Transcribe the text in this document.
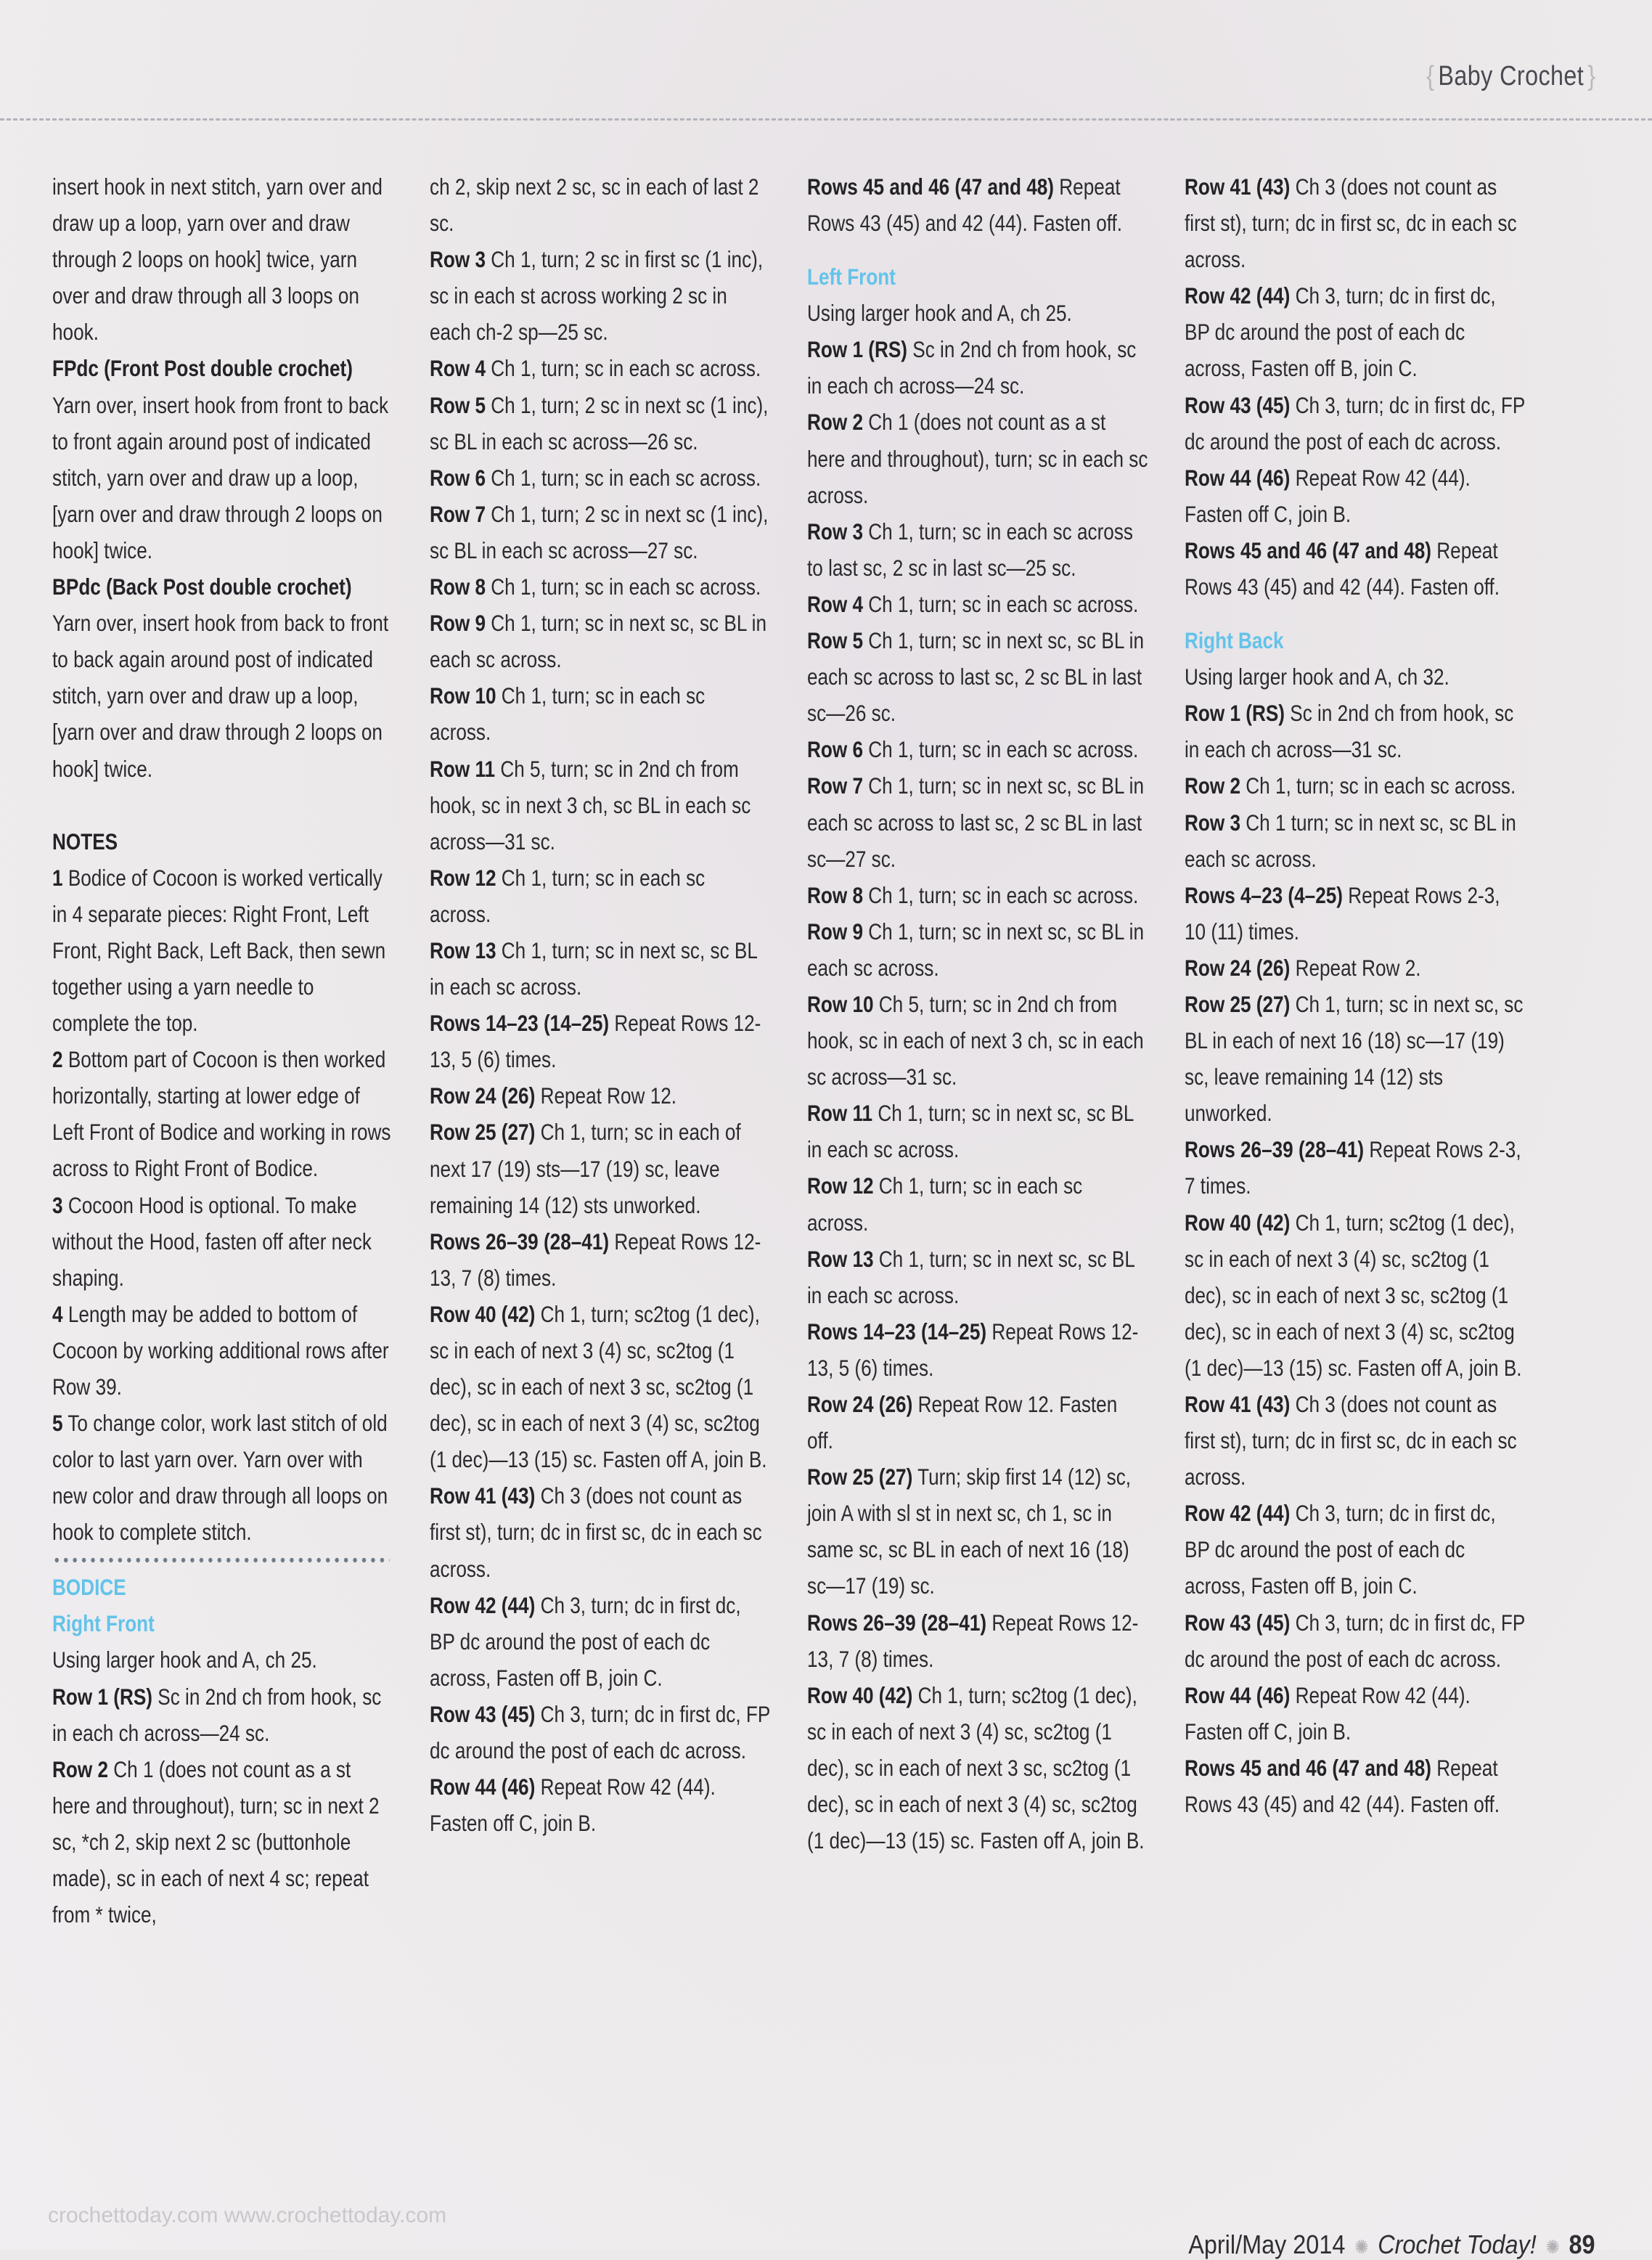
{ Baby Crochet }

insert hook in next stitch, yarn over and draw up a loop, yarn over and draw through 2 loops on hook] twice, yarn over and draw through all 3 loops on hook.

FPdc (Front Post double crochet) Yarn over, insert hook from front to back to front again around post of indicated stitch, yarn over and draw up a loop, [yarn over and draw through 2 loops on hook] twice.

BPdc (Back Post double crochet) Yarn over, insert hook from back to front to back again around post of indicated stitch, yarn over and draw up a loop, [yarn over and draw through 2 loops on hook] twice.

NOTES

1 Bodice of Cocoon is worked vertically in 4 separate pieces: Right Front, Left Front, Right Back, Left Back, then sewn together using a yarn needle to complete the top.

2 Bottom part of Cocoon is then worked horizontally, starting at lower edge of Left Front of Bodice and working in rows across to Right Front of Bodice.

3 Cocoon Hood is optional. To make without the Hood, fasten off after neck shaping.

4 Length may be added to bottom of Cocoon by working additional rows after Row 39.

5 To change color, work last stitch of old color to last yarn over. Yarn over with new color and draw through all loops on hook to complete stitch.

BODICE

Right Front

Using larger hook and A, ch 25.

Row 1 (RS) Sc in 2nd ch from hook, sc in each ch across—24 sc.

Row 2 Ch 1 (does not count as a st here and throughout), turn; sc in next 2 sc, *ch 2, skip next 2 sc (buttonhole made), sc in each of next 4 sc; repeat from * twice,

ch 2, skip next 2 sc, sc in each of last 2 sc.

Row 3 Ch 1, turn; 2 sc in first sc (1 inc), sc in each st across working 2 sc in each ch-2 sp—25 sc.

Row 4 Ch 1, turn; sc in each sc across.

Row 5 Ch 1, turn; 2 sc in next sc (1 inc), sc BL in each sc across—26 sc.

Row 6 Ch 1, turn; sc in each sc across.

Row 7 Ch 1, turn; 2 sc in next sc (1 inc), sc BL in each sc across—27 sc.

Row 8 Ch 1, turn; sc in each sc across.

Row 9 Ch 1, turn; sc in next sc, sc BL in each sc across.

Row 10 Ch 1, turn; sc in each sc across.

Row 11 Ch 5, turn; sc in 2nd ch from hook, sc in next 3 ch, sc BL in each sc across—31 sc.

Row 12 Ch 1, turn; sc in each sc across.

Row 13 Ch 1, turn; sc in next sc, sc BL in each sc across.

Rows 14–23 (14–25) Repeat Rows 12-13, 5 (6) times.

Row 24 (26) Repeat Row 12.

Row 25 (27) Ch 1, turn; sc in each of next 17 (19) sts—17 (19) sc, leave remaining 14 (12) sts unworked.

Rows 26–39 (28–41) Repeat Rows 12-13, 7 (8) times.

Row 40 (42) Ch 1, turn; sc2tog (1 dec), sc in each of next 3 (4) sc, sc2tog (1 dec), sc in each of next 3 sc, sc2tog (1 dec), sc in each of next 3 (4) sc, sc2tog (1 dec)—13 (15) sc. Fasten off A, join B.

Row 41 (43) Ch 3 (does not count as first st), turn; dc in first sc, dc in each sc across.

Row 42 (44) Ch 3, turn; dc in first dc, BP dc around the post of each dc across, Fasten off B, join C.

Row 43 (45) Ch 3, turn; dc in first dc, FP dc around the post of each dc across.

Row 44 (46) Repeat Row 42 (44). Fasten off C, join B.

Rows 45 and 46 (47 and 48) Repeat Rows 43 (45) and 42 (44). Fasten off.

Left Front

Using larger hook and A, ch 25.

Row 1 (RS) Sc in 2nd ch from hook, sc in each ch across—24 sc.

Row 2 Ch 1 (does not count as a st here and throughout), turn; sc in each sc across.

Row 3 Ch 1, turn; sc in each sc across to last sc, 2 sc in last sc—25 sc.

Row 4 Ch 1, turn; sc in each sc across.

Row 5 Ch 1, turn; sc in next sc, sc BL in each sc across to last sc, 2 sc BL in last sc—26 sc.

Row 6 Ch 1, turn; sc in each sc across.

Row 7 Ch 1, turn; sc in next sc, sc BL in each sc across to last sc, 2 sc BL in last sc—27 sc.

Row 8 Ch 1, turn; sc in each sc across.

Row 9 Ch 1, turn; sc in next sc, sc BL in each sc across.

Row 10 Ch 5, turn; sc in 2nd ch from hook, sc in each of next 3 ch, sc in each sc across—31 sc.

Row 11 Ch 1, turn; sc in next sc, sc BL in each sc across.

Row 12 Ch 1, turn; sc in each sc across.

Row 13 Ch 1, turn; sc in next sc, sc BL in each sc across.

Rows 14–23 (14–25) Repeat Rows 12-13, 5 (6) times.

Row 24 (26) Repeat Row 12. Fasten off.

Row 25 (27) Turn; skip first 14 (12) sc, join A with sl st in next sc, ch 1, sc in same sc, sc BL in each of next 16 (18) sc—17 (19) sc.

Rows 26–39 (28–41) Repeat Rows 12-13, 7 (8) times.

Row 40 (42) Ch 1, turn; sc2tog (1 dec), sc in each of next 3 (4) sc, sc2tog (1 dec), sc in each of next 3 sc, sc2tog (1 dec), sc in each of next 3 (4) sc, sc2tog (1 dec)—13 (15) sc. Fasten off A, join B.

Row 41 (43) Ch 3 (does not count as first st), turn; dc in first sc, dc in each sc across.

Row 42 (44) Ch 3, turn; dc in first dc, BP dc around the post of each dc across, Fasten off B, join C.

Row 43 (45) Ch 3, turn; dc in first dc, FP dc around the post of each dc across.

Row 44 (46) Repeat Row 42 (44). Fasten off C, join B.

Rows 45 and 46 (47 and 48) Repeat Rows 43 (45) and 42 (44). Fasten off.

Right Back

Using larger hook and A, ch 32.

Row 1 (RS) Sc in 2nd ch from hook, sc in each ch across—31 sc.

Row 2 Ch 1, turn; sc in each sc across.

Row 3 Ch 1 turn; sc in next sc, sc BL in each sc across.

Rows 4–23 (4–25) Repeat Rows 2-3, 10 (11) times.

Row 24 (26) Repeat Row 2.

Row 25 (27) Ch 1, turn; sc in next sc, sc BL in each of next 16 (18) sc—17 (19) sc, leave remaining 14 (12) sts unworked.

Rows 26–39 (28–41) Repeat Rows 2-3, 7 times.

Row 40 (42) Ch 1, turn; sc2tog (1 dec), sc in each of next 3 (4) sc, sc2tog (1 dec), sc in each of next 3 sc, sc2tog (1 dec), sc in each of next 3 (4) sc, sc2tog (1 dec)—13 (15) sc. Fasten off A, join B.

Row 41 (43) Ch 3 (does not count as first st), turn; dc in first sc, dc in each sc across.

Row 42 (44) Ch 3, turn; dc in first dc, BP dc around the post of each dc across, Fasten off B, join C.

Row 43 (45) Ch 3, turn; dc in first dc, FP dc around the post of each dc across.

Row 44 (46) Repeat Row 42 (44). Fasten off C, join B.

Rows 45 and 46 (47 and 48) Repeat Rows 43 (45) and 42 (44). Fasten off.

crochettoday.com www.crochettoday.com
April/May 2014 ✺ Crochet Today! ✺ 89
